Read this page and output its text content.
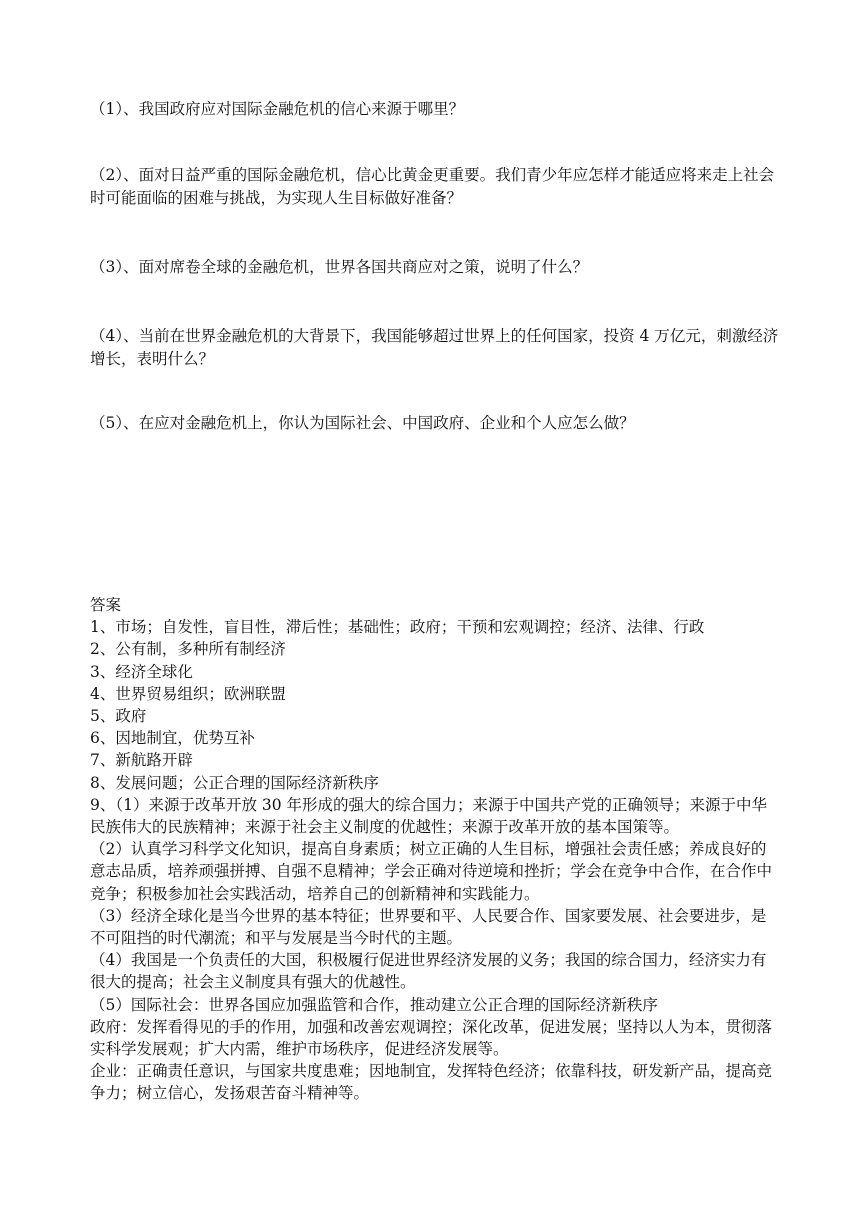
（1）、我国政府应对国际金融危机的信心来源于哪里？
（2）、面对日益严重的国际金融危机，信心比黄金更重要。我们青少年应怎样才能适应将来走上社会时可能面临的困难与挑战，为实现人生目标做好准备？
（3）、面对席卷全球的金融危机，世界各国共商应对之策，说明了什么？
（4）、当前在世界金融危机的大背景下，我国能够超过世界上的任何国家，投资 4 万亿元，刺激经济增长，表明什么？
（5）、在应对金融危机上，你认为国际社会、中国政府、企业和个人应怎么做？

答案

1、市场；自发性，盲目性，滞后性；基础性；政府；干预和宏观调控；经济、法律、行政

2、公有制，多种所有制经济

3、经济全球化

4、世界贸易组织；欧洲联盟

5、政府

6、因地制宜，优势互补

7、新航路开辟

8、发展问题；公正合理的国际经济新秩序

9、（1）来源于改革开放 30 年形成的强大的综合国力；来源于中国共产党的正确领导；来源于中华民族伟大的民族精神；来源于社会主义制度的优越性；来源于改革开放的基本国策等。

（2）认真学习科学文化知识，提高自身素质；树立正确的人生目标，增强社会责任感；养成良好的意志品质，培养顽强拼搏、自强不息精神；学会正确对待逆境和挫折；学会在竞争中合作，在合作中竞争；积极参加社会实践活动，培养自己的创新精神和实践能力。

（3）经济全球化是当今世界的基本特征；世界要和平、人民要合作、国家要发展、社会要进步，是不可阻挡的时代潮流；和平与发展是当今时代的主题。

（4）我国是一个负责任的大国，积极履行促进世界经济发展的义务；我国的综合国力，经济实力有很大的提高；社会主义制度具有强大的优越性。

（5）国际社会：世界各国应加强监管和合作，推动建立公正合理的国际经济新秩序

政府：发挥看得见的手的作用，加强和改善宏观调控；深化改革，促进发展；坚持以人为本，贯彻落实科学发展观；扩大内需，维护市场秩序，促进经济发展等。

企业：正确责任意识，与国家共度患难；因地制宜，发挥特色经济；依靠科技，研发新产品，提高竞争力；树立信心，发扬艰苦奋斗精神等。
